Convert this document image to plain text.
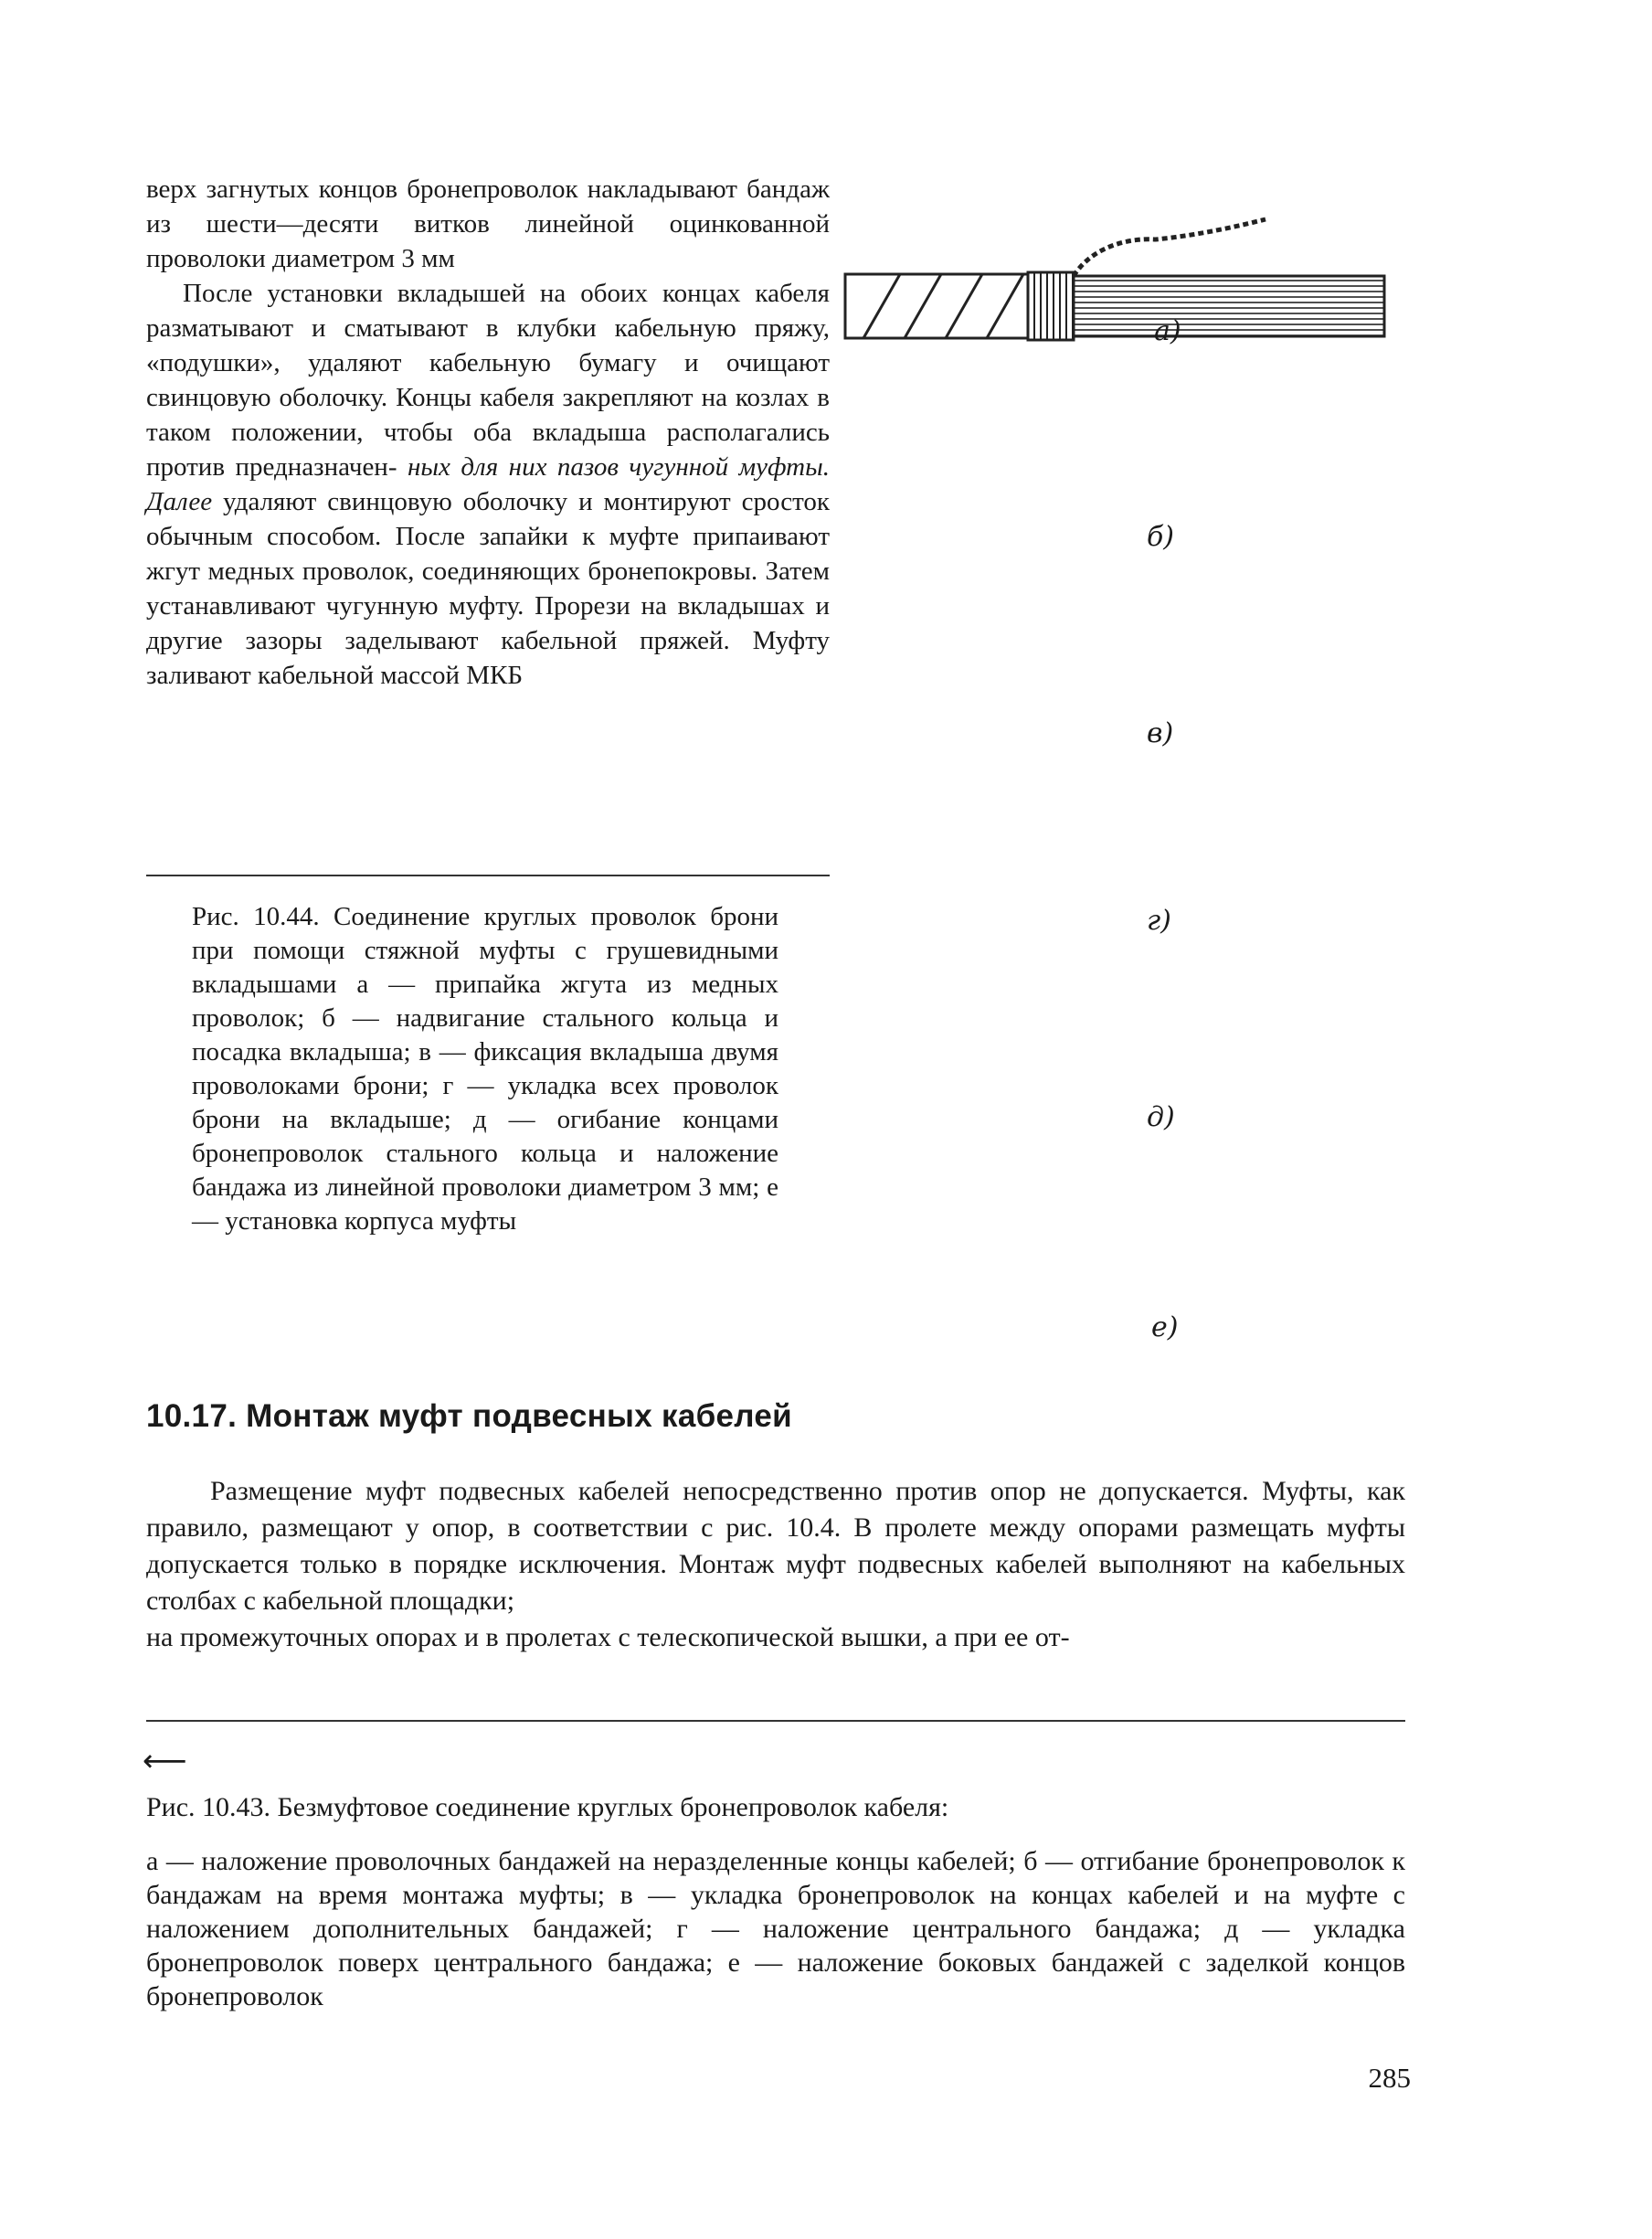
верх загнутых концов бронепроволок накладывают бандаж из шести—десяти витков линейной оцинкованной проволоки диаметром 3 мм

После установки вкладышей на обоих концах кабеля разматывают и сматывают в клубки кабельную пряжу, «подушки», удаляют кабельную бумагу и очищают свинцовую оболочку. Концы кабеля закрепляют на козлах в таком положении, чтобы оба вкладыша располагались против предназначен- ных для них пазов чугунной муфты. Далее удаляют свинцовую оболочку и монтируют сросток обычным способом. После запайки к муфте припаивают жгут медных проволок, соединяющих бронепокровы. Затем устанавливают чугунную муфту. Прорези на вкладышах и другие зазоры заделывают кабельной пряжей. Муфту заливают кабельной массой МКБ

Рис. 10.44. Соединение круглых проволок брони при помощи стяжной муфты с грушевидными вкладышами а — припайка жгута из медных проволок; б — надвигание стального кольца и посадка вкладыша; в — фиксация вкладыша двумя проволоками брони; г — укладка всех проволок брони на вкладыше; д — огибание концами бронепроволок стального кольца и наложение бандажа из линейной проволоки диаметром 3 мм; е — установка корпуса муфты
а)
б)
в)
г)
д)
е)
10.17. Монтаж муфт подвесных кабелей

Размещение муфт подвесных кабелей непосредственно против опор не допускается. Муфты, как правило, размещают у опор, в соответствии с рис. 10.4. В пролете между опорами размещать муфты допускается только в порядке исключения. Монтаж муфт подвесных кабелей выполняют на кабельных столбах с кабельной площадки;

на промежуточных опорах и в пролетах с телескопической вышки, а при ее от-

⟵
Рис. 10.43. Безмуфтовое соединение круглых бронепроволок кабеля:
а — наложение проволочных бандажей на неразделенные концы кабелей; б — отгибание бронепроволок к бандажам на время монтажа муфты; в — укладка бронепроволок на концах кабелей и на муфте с наложением дополнительных бандажей; г — наложение центрального бандажа; д — укладка бронепроволок поверх центрального бандажа; е — наложение боковых бандажей с заделкой концов бронепроволок
285
